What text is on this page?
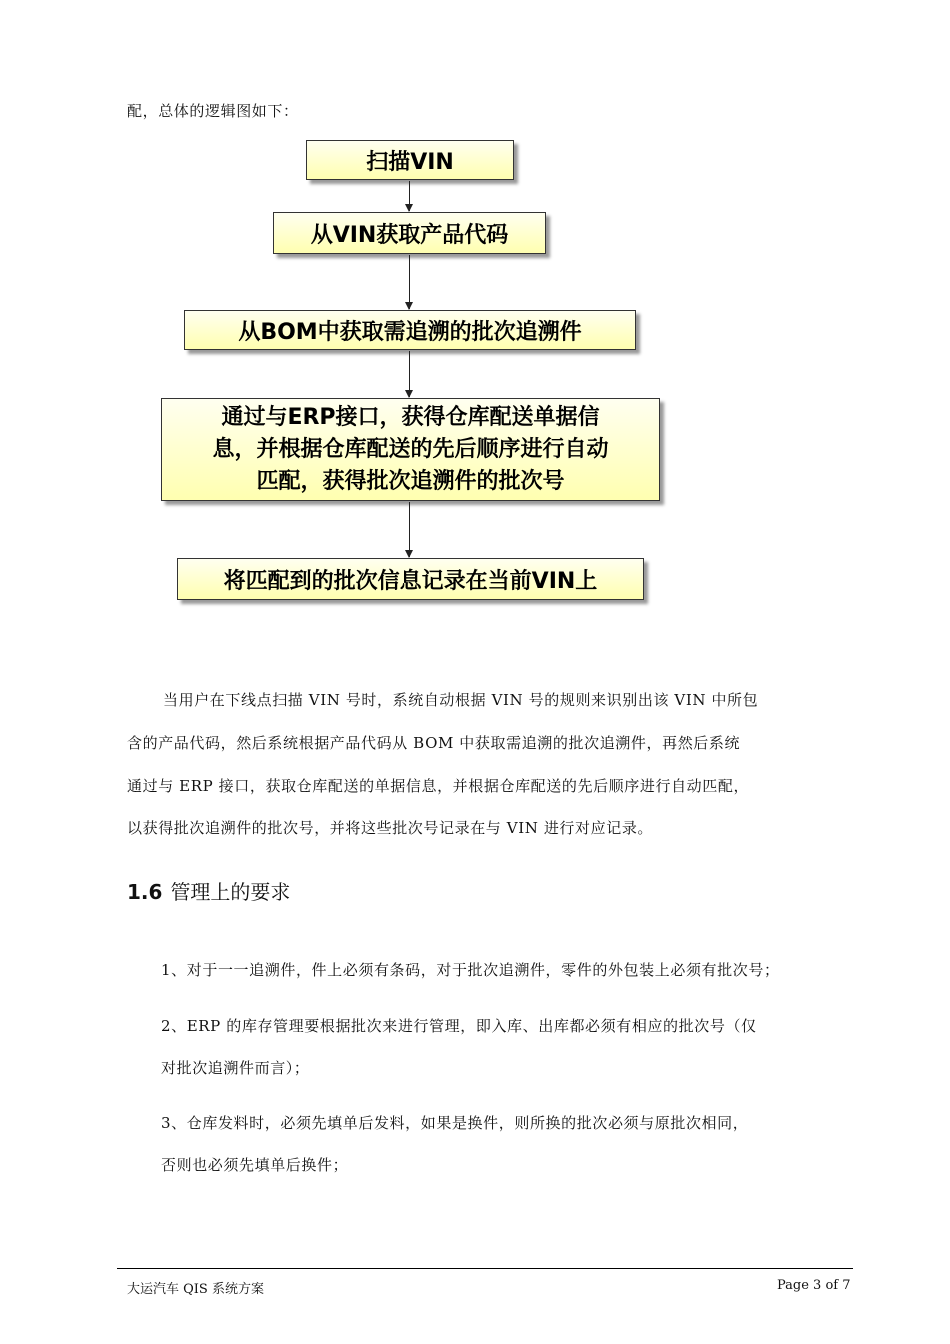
配，总体的逻辑图如下：
扫描VIN
从VIN获取产品代码
从BOM中获取需追溯的批次追溯件
通过与ERP接口，获得仓库配送单据信
息，并根据仓库配送的先后顺序进行自动
匹配，获得批次追溯件的批次号
将匹配到的批次信息记录在当前VIN上
当用户在下线点扫描 VIN 号时，系统自动根据 VIN 号的规则来识别出该 VIN 中所包
含的产品代码，然后系统根据产品代码从 BOM 中获取需追溯的批次追溯件，再然后系统
通过与 ERP 接口，获取仓库配送的单据信息，并根据仓库配送的先后顺序进行自动匹配，
以获得批次追溯件的批次号，并将这些批次号记录在与 VIN 进行对应记录。
1.6 管理上的要求
1、对于一一追溯件，件上必须有条码，对于批次追溯件，零件的外包装上必须有批次号；
2、ERP 的库存管理要根据批次来进行管理，即入库、出库都必须有相应的批次号（仅
对批次追溯件而言）；
3、仓库发料时，必须先填单后发料，如果是换件，则所换的批次必须与原批次相同，
否则也必须先填单后换件；
大运汽车 QIS 系统方案	Page 3 of 7
